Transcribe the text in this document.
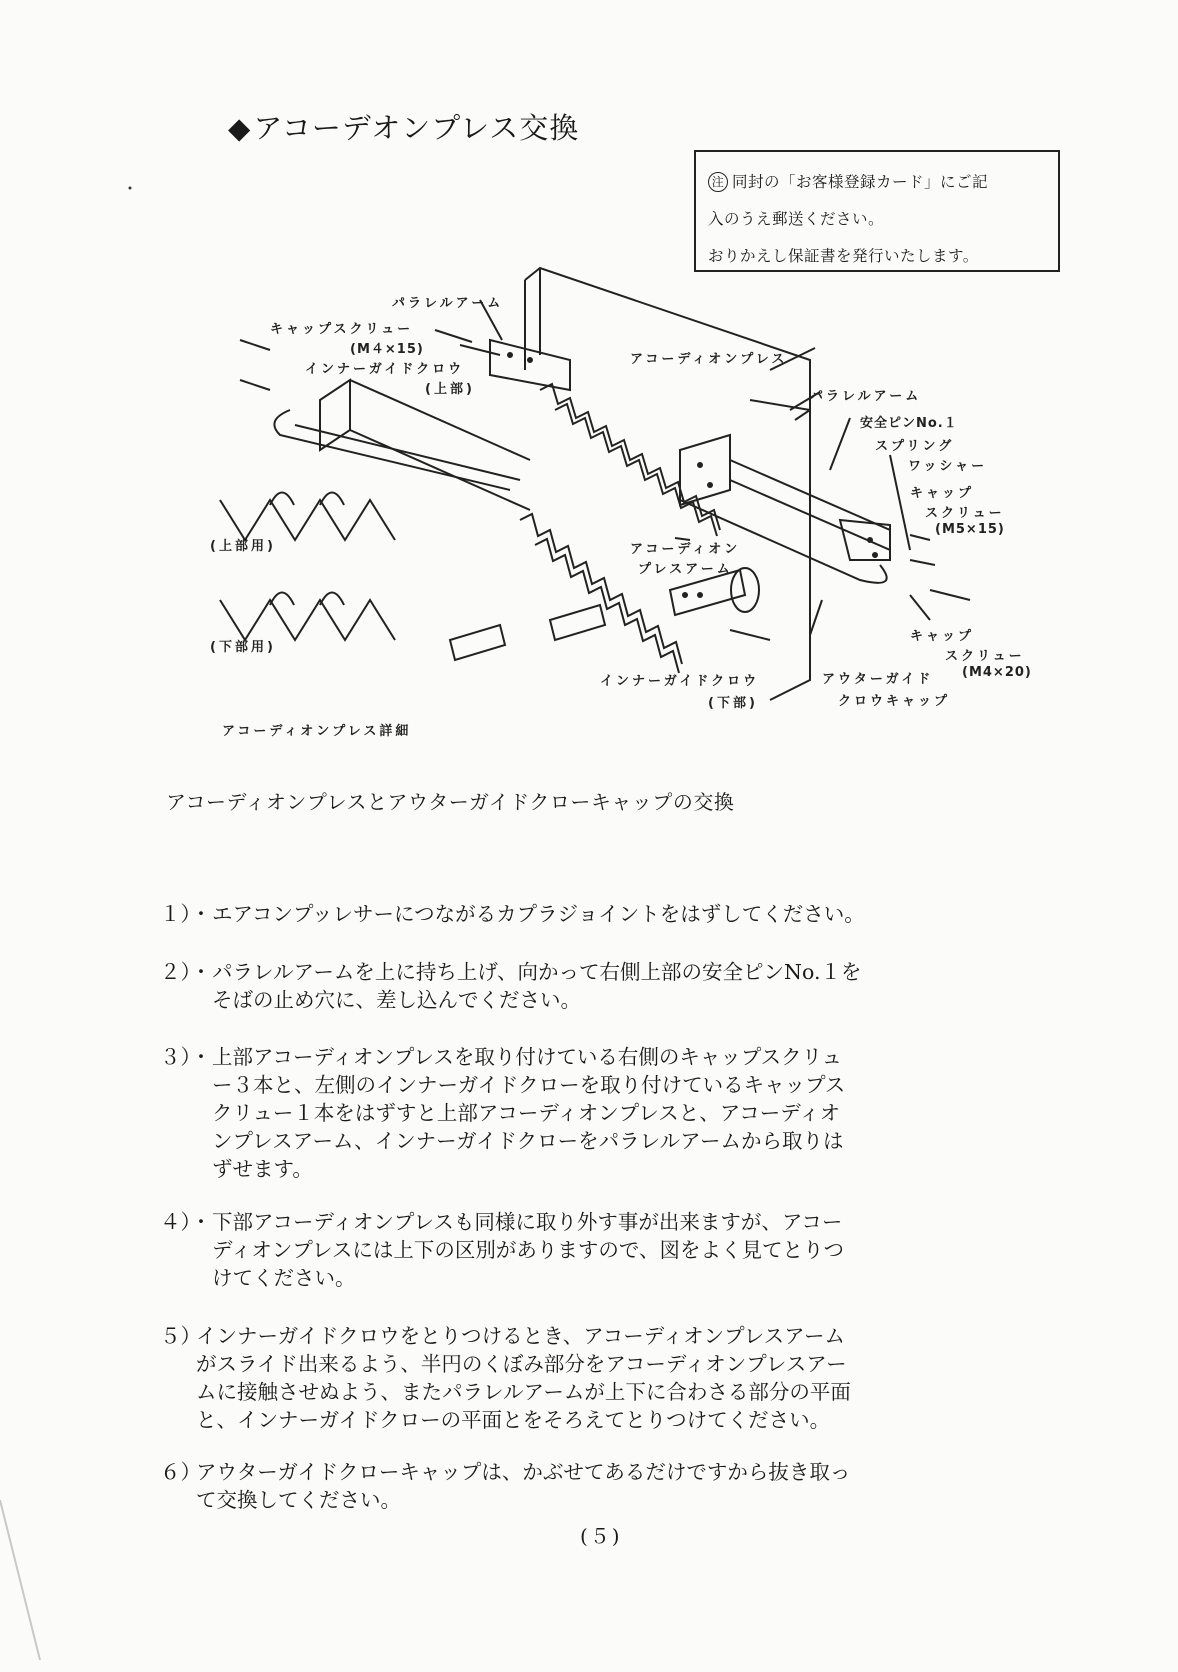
◆アコーデオンプレス交換
注 同封の「お客様登録カード」にご記
入のうえ郵送ください。
おりかえし保証書を発行いたします。
パラレルアーム
キャップスクリュー
(M４×15)
インナーガイドクロウ
(上部)
アコーディオンプレス
パラレルアーム
安全ピンNo.１
スプリング
ワッシャー
キャップ
スクリュー
(M5×15)
(上部用)
(下部用)
アコーディオン
プレスアーム
キャップ
スクリュー
(M4×20)
インナーガイドクロウ
(下部)
アウターガイド
クロウキャップ
アコーディオンプレス詳細
アコーディオンプレスとアウターガイドクローキャップの交換
１）・ エアコンプッレサーにつながるカプラジョイントをはずしてください。
２）・ パラレルアームを上に持ち上げ、向かって右側上部の安全ピンNo.１を
そばの止め穴に、差し込んでください。
３）・ 上部アコーディオンプレスを取り付けている右側のキャップスクリュ
ー３本と、左側のインナーガイドクローを取り付けているキャップス
クリュー１本をはずすと上部アコーディオンプレスと、アコーディオ
ンプレスアーム、インナーガイドクローをパラレルアームから取りは
ずせます。
４）・ 下部アコーディオンプレスも同様に取り外す事が出来ますが、アコー
ディオンプレスには上下の区別がありますので、図をよく見てとりつ
けてください。
５）
インナーガイドクロウをとりつけるとき、アコーディオンプレスアーム
がスライド出来るよう、半円のくぼみ部分をアコーディオンプレスアー
ムに接触させぬよう、またパラレルアームが上下に合わさる部分の平面
と、インナーガイドクローの平面とをそろえてとりつけてください。
６）
アウターガイドクローキャップは、かぶせてあるだけですから抜き取っ
て交換してください。
(５)
